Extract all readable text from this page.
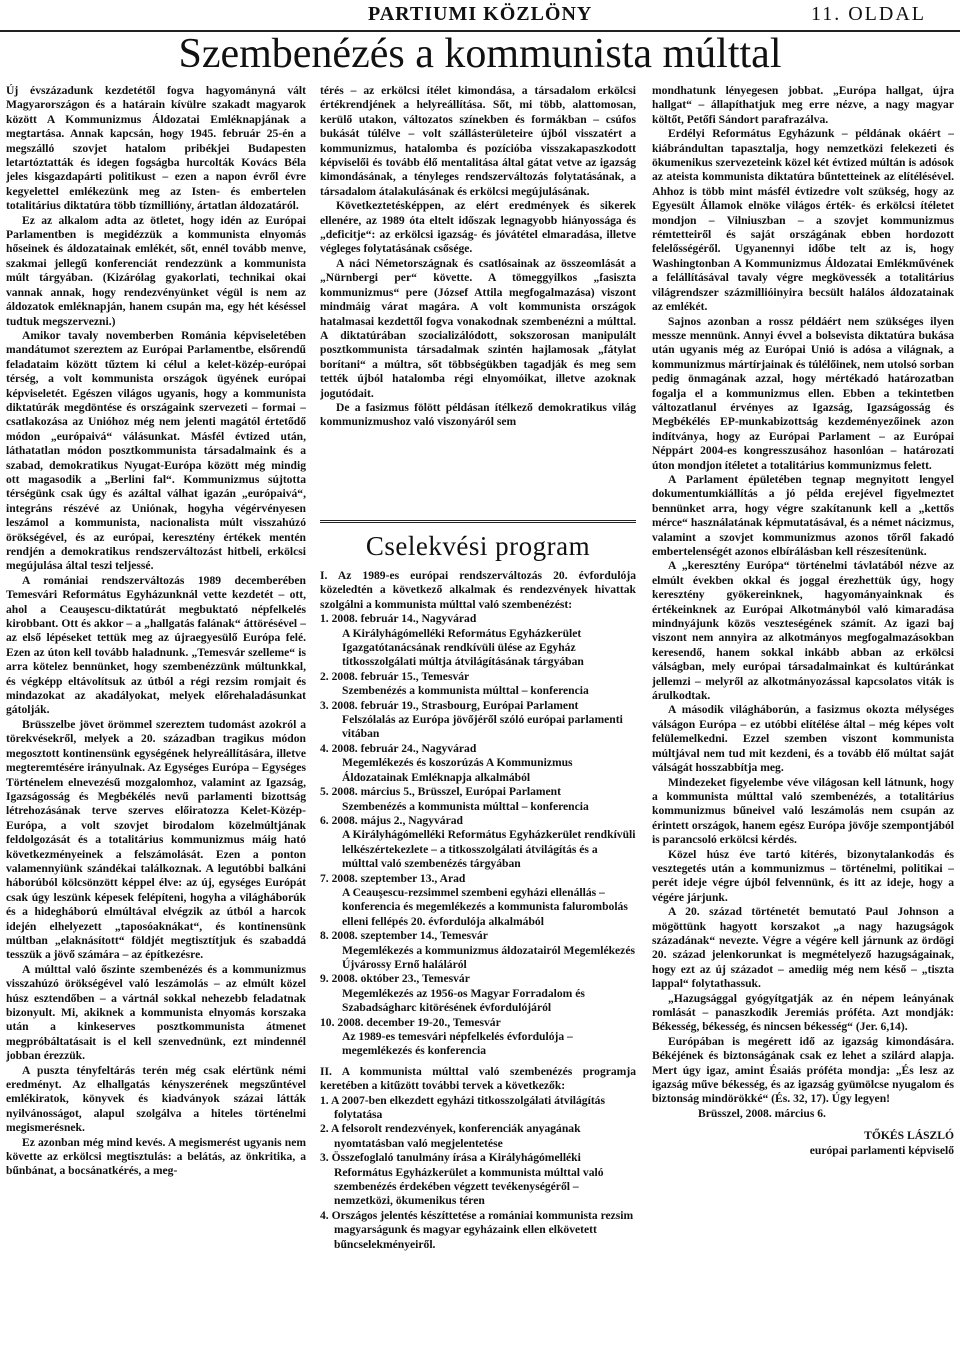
PARTIUMI KÖZLÖNY	11. OLDAL
Szembenézés a kommunista múlttal

Új évszázadunk kezdetétől fogva hagyományná vált Magyarországon és a határain kívülre szakadt magyarok között A Kommunizmus Áldozatai Emléknapjának a megtartása. Annak kapcsán, hogy 1945. február 25-én a megszálló szovjet hatalom pribékjei Budapesten letartóztatták és idegen fogságba hurcolták Kovács Béla jeles kisgazdapárti politikust – ezen a napon évről évre kegyelettel emlékezünk meg az Isten- és embertelen totalitárius diktatúra több tízmillióny, ártatlan áldozatáról.

Ez az alkalom adta az ötletet, hogy idén az Európai Parlamentben is megidézzük a kommunista elnyomás hőseinek és áldozatainak emlékét, sőt, ennél tovább menve, szakmai jellegű konferenciát rendezzünk a kommunista múlt tárgyában. (Kizárólag gyakorlati, technikai okai vannak annak, hogy rendezvényünket végül is nem az áldozatok emléknapján, hanem csupán ma, egy hét késéssel tudtuk megszervezni.)

Amikor tavaly novemberben Románia képviseletében mandátumot szereztem az Európai Parlamentbe, elsőrendű feladataim között tűztem ki célul a kelet-közép-európai térség, a volt kommunista országok ügyének európai képviseletét. Egészen világos ugyanis, hogy a kommunista diktatúrák megdöntése és országaink szervezeti – formai – csatlakozása az Unióhoz még nem jelenti magától értetődő módon „európaivá“ válásunkat. Másfél évtized után, láthatatlan módon posztkommunista társadalmaink és a szabad, demokratikus Nyugat-Európa között még mindig ott magasodik a „Berlini fal“. Kommunizmus sújtotta térségünk csak úgy és azáltal válhat igazán „európaivá“, integráns részévé az Uniónak, hogyha végérvényesen leszámol a kommunista, nacionalista múlt visszahúzó örökségével, és az európai, keresztény értékek mentén rendjén a demokratikus rendszerváltozást hitbeli, erkölcsi megújulása által teszi teljessé.

A romániai rendszerváltozás 1989 decemberében Temesvári Református Egyházunknál vette kezdetét – ott, ahol a Ceauşescu-diktatúrát megbuktató népfelkelés kirobbant. Ott és akkor – a „hallgatás falának“ áttörésével – az első lépéseket tettük meg az újraegyesülő Európa felé. Ezen az úton kell tovább haladnunk. „Temesvár szelleme“ is arra kötelez bennünket, hogy szembenézzünk múltunkkal, és végképp eltávolítsuk az útból a régi rezsim romjait és mindazokat az akadályokat, melyek előrehaladásunkat gátolják.

Brüsszelbe jövet örömmel szereztem tudomást azokról a törekvésekről, melyek a 20. században tragikus módon megosztott kontinensünk egységének helyreállítására, illetve megteremtésére irányulnak. Az Egységes Európa – Egységes Történelem elnevezésű mozgalomhoz, valamint az Igazság, Igazságosság és Megbékélés nevű parlamenti bizottság létrehozásának terve szerves előiratozza Kelet-Közép-Európa, a volt szovjet birodalom közelmúltjának feldolgozását és a totalitárius kommunizmus máig ható következményeinek a felszámolását. Ezen a ponton valamennyiünk szándékai találkoznak. A legutóbbi balkáni háborúból kölcsönzött képpel élve: az új, egységes Európát csak úgy leszünk képesek felépíteni, hogyha a világháborúk és a hidegháború elmúltával elvégzik az útból a harcok idején elhelyezett „taposóaknákat“, és kontinensünk múltban „elaknásított“ földjét megtisztítjuk és szabaddá tesszük a jövő számára – az építkezésre.

A múlttal való őszinte szembenézés és a kommunizmus visszahúzó örökségével való leszámolás – az elmúlt közel húsz esztendőben – a vártnál sokkal nehezebb feladatnak bizonyult. Mi, akiknek a kommunista elnyomás korszaka után a kinkeserves posztkommunista átmenet megpróbáltatásait is el kell szenvednünk, ezt mindennél jobban érezzük.

A puszta tényfeltárás terén még csak elértünk némi eredményt. Az elhallgatás kényszerének megszűntével emlékiratok, könyvek és kiadványok százai látták nyilvánosságot, alapul szolgálva a hiteles történelmi megismerésnek.

Ez azonban még mind kevés. A megismerést ugyanis nem követte az erkölcsi megtisztulás: a belátás, az önkritika, a bűnbánat, a bocsánatkérés, a meg-

térés – az erkölcsi ítélet kimondása, a társadalom erkölcsi értékrendjének a helyreállítása. Sőt, mi több, alattomosan, kerülő utakon, változatos színekben és formákban – csúfos bukását túlélve – volt szállásterületeire újból visszatért a kommunizmus, hatalomba és pozícióba visszakapaszkodott képviselői és tovább élő mentalitása által gátat vetve az igazság kimondásának, a tényleges rendszerváltozás folytatásának, a társadalom átalakulásának és erkölcsi megújulásának.

Következtetésképpen, az elért eredmények és sikerek ellenére, az 1989 óta eltelt időszak legnagyobb hiányossága és „deficitje“: az erkölcsi igazság- és jóvátétel elmaradása, illetve végleges folytatásának csősége.

A náci Németországnak és csatlósainak az összeomlását a „Nürnbergi per“ követte. A tömeggyilkos „fasiszta kommunizmus“ pere (József Attila megfogalmazása) viszont mindmáig várat magára. A volt kommunista országok hatalmasai kezdettől fogva vonakodnak szembenézni a múlttal. A diktatúrában szocializálódott, sokszorosan manipulált posztkommunista társadalmak szintén hajlamosak „fátylat borítani“ a múltra, sőt többségükben tagadják és meg sem tették újból hatalomba régi elnyomóikat, illetve azoknak jogutódait.

De a fasizmus fölött példásan ítélkező demokratikus világ kommunizmushoz való viszonyáról sem

Cselekvési program

I. Az 1989-es európai rendszerváltozás 20. évfordulója közeledtén a következő alkalmak és rendezvények hivattak szolgálni a kommunista múlttal való szembenézést:

1. 2008. február 14., Nagyvárad
A Királyhágómelléki Református Egyházkerület Igazgatótanácsának rendkívüli ülése az Egyház titkosszolgálati múltja átvilágításának tárgyában
2. 2008. február 15., Temesvár
Szembenézés a kommunista múlttal – konferencia
3. 2008. február 19., Strasbourg, Európai Parlament
Felszólalás az Európa jövőjéről szóló európai parlamenti vitában
4. 2008. február 24., Nagyvárad
Megemlékezés és koszorúzás A Kommunizmus Áldozatainak Emléknapja alkalmából
5. 2008. március 5., Brüsszel, Európai Parlament
Szembenézés a kommunista múlttal – konferencia
6. 2008. május 2., Nagyvárad
A Királyhágómelléki Református Egyházkerület rendkívüli lelkészértekezlete – a titkosszolgálati átvilágítás és a múlttal való szembenézés tárgyában
7. 2008. szeptember 13., Arad
A Ceauşescu-rezsimmel szembeni egyházi ellenállás – konferencia és megemlékezés a kommunista falurombolás elleni fellépés 20. évfordulója alkalmából
8. 2008. szeptember 14., Temesvár
Megemlékezés a kommunizmus áldozatairól Megemlékezés Újvárossy Ernő haláláról
9. 2008. október 23., Temesvár
Megemlékezés az 1956-os Magyar Forradalom és Szabadságharc kitörésének évfordulójáról
10. 2008. december 19-20., Temesvár
Az 1989-es temesvári népfelkelés évfordulója – megemlékezés és konferencia

II. A kommunista múlttal való szembenézés programja keretében a kitűzött további tervek a következők:

1. A 2007-ben elkezdett egyházi titkosszolgálati átvilágítás folytatása
2. A felsorolt rendezvények, konferenciák anyagának nyomtatásban való megjelentetése
3. Összefoglaló tanulmány írása a Királyhágómelléki Református Egyházkerület a kommunista múlttal való szembenézés érdekében végzett tevékenységéről – nemzetközi, ökumenikus téren
4. Országos jelentés készíttetése a romániai kommunista rezsim magyarságunk és magyar egyházaink ellen elkövetett bűncselekményeiről.

mondhatunk lényegesen jobbat. „Európa hallgat, újra hallgat“ – állapíthatjuk meg erre nézve, a nagy magyar költőt, Petőfi Sándort parafrazálva.

Erdélyi Református Egyházunk – példának okáért – kiábrándultan tapasztalja, hogy nemzetközi felekezeti és ökumenikus szervezeteink közel két évtized múltán is adósok az ateista kommunista diktatúra bűntetteinek az elítélésével. Ahhoz is több mint másfél évtizedre volt szükség, hogy az Egyesült Államok elnöke világos érték- és erkölcsi ítéletet mondjon – Vilniuszban – a szovjet kommunizmus rémtetteiről és saját országának ebben hordozott felelősségéről. Ugyanennyi időbe telt az is, hogy Washingtonban A Kommunizmus Áldozatai Emlékművének a felállításával tavaly végre megkövessék a totalitárius világrendszer százmillióinyira becsült halálos áldozatainak az emlékét.

Sajnos azonban a rossz példáért nem szükséges ilyen messze mennünk. Annyi évvel a bolsevista diktatúra bukása után ugyanis még az Európai Unió is adósa a világnak, a kommunizmus mártírjainak és túlélőinek, nem utolsó sorban pedig önmagának azzal, hogy mértékadó határozatban fogalja el a kommunizmus ellen. Ebben a tekintetben változatlanul érvényes az Igazság, Igazságosság és Megbékélés EP-munkabizottság kezdeményezőinek azon indítványa, hogy az Európai Parlament – az Európai Néppárt 2004-es kongresszusához hasonlóan – határozati úton mondjon ítéletet a totalitárius kommunizmus felett.

A Parlament épületében tegnap megnyitott lengyel dokumentumkiállítás a jó példa erejével figyelmeztet bennünket arra, hogy végre szakítanunk kell a „kettős mérce“ használatának képmutatásával, és a német nácizmus, valamint a szovjet kommunizmus azonos tőről fakadó embertelenségét azonos elbírálásban kell részesítenünk.

A „keresztény Európa“ történelmi távlatából nézve az elmúlt években okkal és joggal érezhettük úgy, hogy keresztény gyökereinknek, hagyományainknak és értékeinknek az Európai Alkotmányból való kimaradása mindnyájunk közös veszteségének számít. Az igazi baj viszont nem annyira az alkotmányos megfogalmazásokban keresendő, hanem sokkal inkább abban az erkölcsi válságban, mely európai társadalmainkat és kultúránkat jellemzi – melyről az alkotmányozással kapcsolatos viták is árulkodtak.

A második világháborún, a fasizmus okozta mélységes válságon Európa – ez utóbbi elítélése által – még képes volt felülemelkedni. Ezzel szemben viszont kommunista múltjával nem tud mit kezdeni, és a tovább élő múltat saját válságát hosszabbítja meg.

Mindezeket figyelembe véve világosan kell látnunk, hogy a kommunista múlttal való szembenézés, a totalitárius kommunizmus bűneivel való leszámolás nem csupán az érintett országok, hanem egész Európa jövője szempontjából is parancsoló erkölcsi kérdés.

Közel húsz éve tartó kitérés, bizonytalankodás és vesztegetés után a kommunizmus – történelmi, politikai – perét ideje végre újból felvennünk, és itt az ideje, hogy a végére járjunk.

A 20. század történetét bemutató Paul Johnson a mögöttünk hagyott korszakot „a nagy hazugságok századának“ nevezte. Végre a végére kell járnunk az ördögi 20. század jelenkorunkat is megmételyező hazugságainak, hogy ezt az új századot – amediig még nem késő – „tiszta lappal“ folytathassuk.

„Hazugsággal gyógyítgatják az én népem leányának romlását – panaszkodik Jeremiás próféta. Azt mondják: Békesség, békesség, és nincsen békesség“ (Jer. 6,14).

Európában is megérett idő az igazság kimondására. Békéjének és biztonságának csak ez lehet a szilárd alapja. Mert úgy igaz, amint Ésaiás próféta mondja: „És lesz az igazság műve békesség, és az igazság gyümölcse nyugalom és biztonság mindörökké“ (És. 32, 17). Úgy legyen!

Brüsszel, 2008. március 6.

TŐKÉS LÁSZLÓ
európai parlamenti képviselő
